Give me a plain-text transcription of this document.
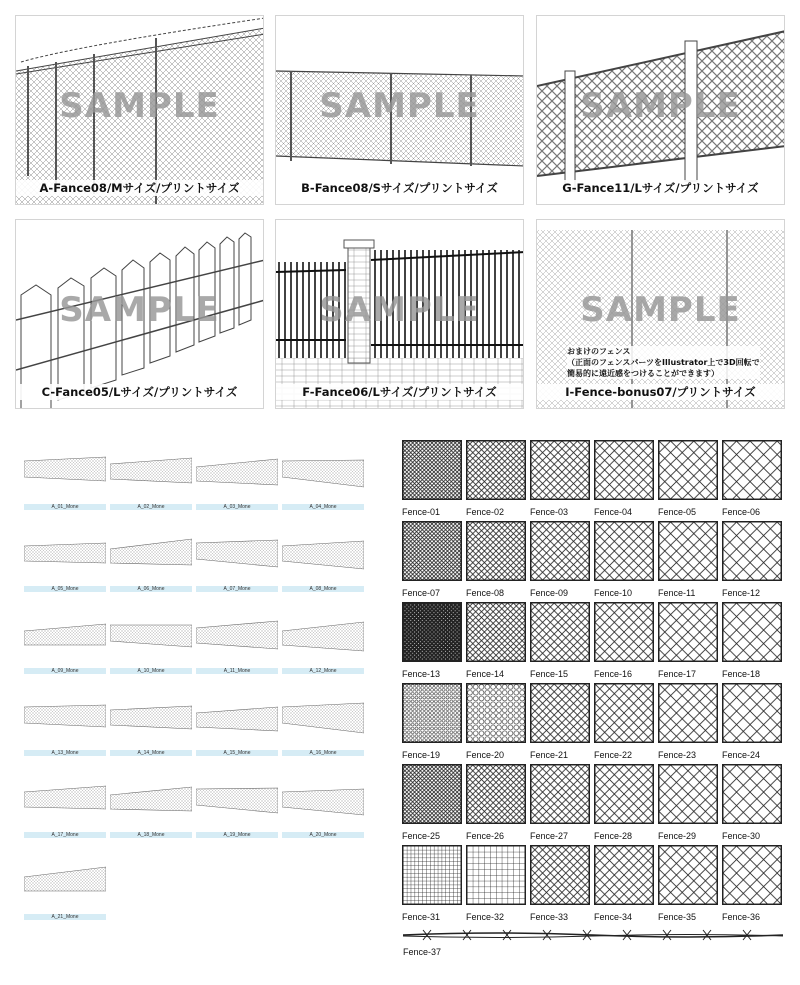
SAMPLE
A-Fance08/Mサイズ/プリントサイズ
SAMPLE
B-Fance08/Sサイズ/プリントサイズ
SAMPLE
G-Fance11/Lサイズ/プリントサイズ
SAMPLE
C-Fance05/Lサイズ/プリントサイズ
SAMPLE
F-Fance06/Lサイズ/プリントサイズ
SAMPLE
おまけのフェンス
（正面のフェンスパーツをIllustrator上で3D回転で
簡易的に遠近感をつけることができます）
I-Fence-bonus07/プリントサイズ
A_01_Mone	A_02_Mone	A_03_Mone	A_04_Mone
A_05_Mone	A_06_Mone	A_07_Mone	A_08_Mone
A_09_Mone	A_10_Mone	A_11_Mone	A_12_Mone
A_13_Mone	A_14_Mone	A_15_Mone	A_16_Mone
A_17_Mone	A_18_Mone	A_19_Mone	A_20_Mone
A_21_Mone
Fence-01	Fence-02	Fence-03	Fence-04	Fence-05	Fence-06
Fence-07	Fence-08	Fence-09	Fence-10	Fence-11	Fence-12
Fence-13	Fence-14	Fence-15	Fence-16	Fence-17	Fence-18
Fence-19	Fence-20	Fence-21	Fence-22	Fence-23	Fence-24
Fence-25	Fence-26	Fence-27	Fence-28	Fence-29	Fence-30
Fence-31	Fence-32	Fence-33	Fence-34	Fence-35	Fence-36
Fence-37
